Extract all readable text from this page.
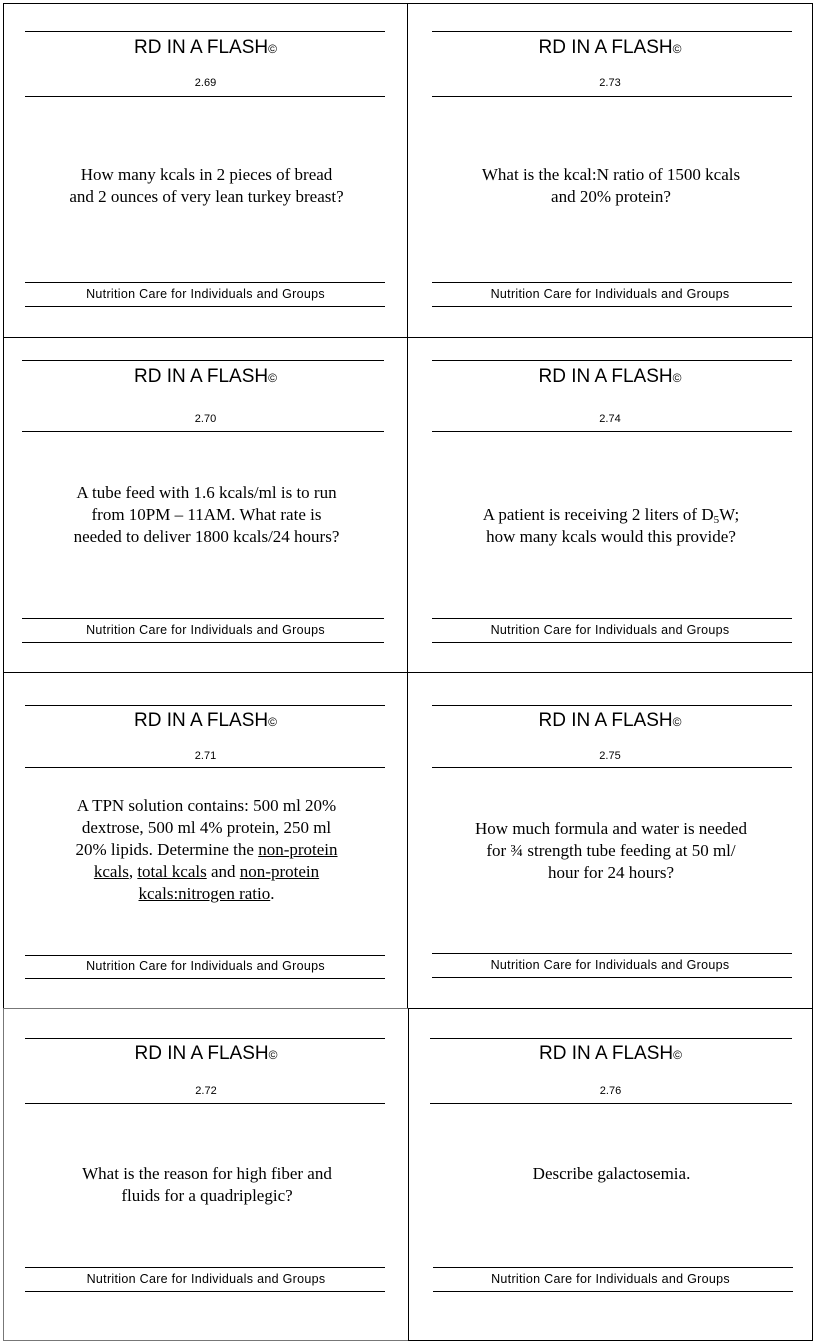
RD IN A FLASH©
2.69
How many kcals in 2 pieces of bread
and 2 ounces of very lean turkey breast?
Nutrition Care for Individuals and Groups
RD IN A FLASH©
2.73
What is the kcal:N ratio of 1500 kcals
and 20% protein?
Nutrition Care for Individuals and Groups
RD IN A FLASH©
2.70
A tube feed with 1.6 kcals/ml is to run
from 10PM – 11AM. What rate is
needed to deliver 1800 kcals/24 hours?
Nutrition Care for Individuals and Groups
RD IN A FLASH©
2.74
A patient is receiving 2 liters of $D_5W$;
how many kcals would this provide?
Nutrition Care for Individuals and Groups
RD IN A FLASH©
2.71
A TPN solution contains: 500 ml 20%
dextrose, 500 ml 4% protein, 250 ml
20% lipids. Determine the non-protein
kcals, total kcals and non-protein
kcals:nitrogen ratio.
Nutrition Care for Individuals and Groups
RD IN A FLASH©
2.75
How much formula and water is needed
for ¾ strength tube feeding at 50 ml/
hour for 24 hours?
Nutrition Care for Individuals and Groups
RD IN A FLASH©
2.72
What is the reason for high fiber and
fluids for a quadriplegic?
Nutrition Care for Individuals and Groups
RD IN A FLASH©
2.76
Describe galactosemia.
Nutrition Care for Individuals and Groups
